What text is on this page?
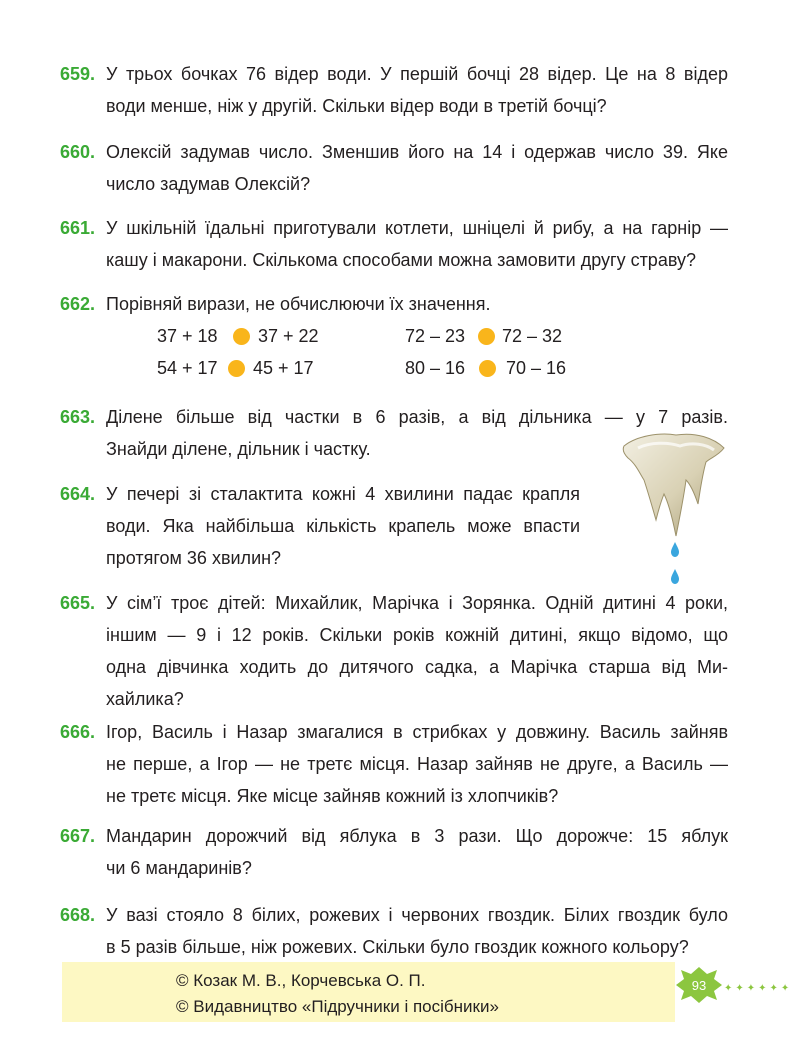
659. У трьох бочках 76 відер води. У першій бочці 28 відер. Це на 8 відер
води менше, ніж у другій. Скільки відер води в третій бочці?
660. Олексій задумав число. Зменшив його на 14 і одержав число 39. Яке
число задумав Олексій?
661. У шкільній їдальні приготували котлети, шніцелі й рибу, а на гарнір —
кашу і макарони. Скількома способами можна замовити другу страву?
662. Порівняй вирази, не обчислюючи їх значення.
37 + 18 37 + 22	72 – 23 72 – 32
54 + 17 45 + 17	80 – 16 70 – 16
663. Ділене більше від частки в 6 разів, а від дільника — у 7 разів.
Знайди ділене, дільник і частку.
664. У печері зі сталактита кожні 4 хвилини падає крапля
води. Яка найбільша кількість крапель може впасти
протягом 36 хвилин?
665. У сім’ї троє дітей: Михайлик, Марічка і Зорянка. Одній дитині 4 роки,
іншим — 9 і 12 років. Скільки років кожній дитині, якщо відомо, що
одна дівчинка ходить до дитячого садка, а Марічка старша від Ми-
хайлика?
666. Ігор, Василь і Назар змагалися в стрибках у довжину. Василь зайняв
не перше, а Ігор — не третє місця. Назар зайняв не друге, а Василь —
не третє місця. Яке місце зайняв кожний із хлопчиків?
667. Мандарин дорожчий від яблука в 3 рази. Що дорожче: 15 яблук
чи 6 мандаринів?
668. У вазі стояло 8 білих, рожевих і червоних гвоздик. Білих гвоздик було
в 5 разів більше, ніж рожевих. Скільки було гвоздик кожного кольору?
© Козак М. В., Корчевська О. П.
© Видавництво «Підручники і посібники»
93 ✦✦✦✦✦✦
